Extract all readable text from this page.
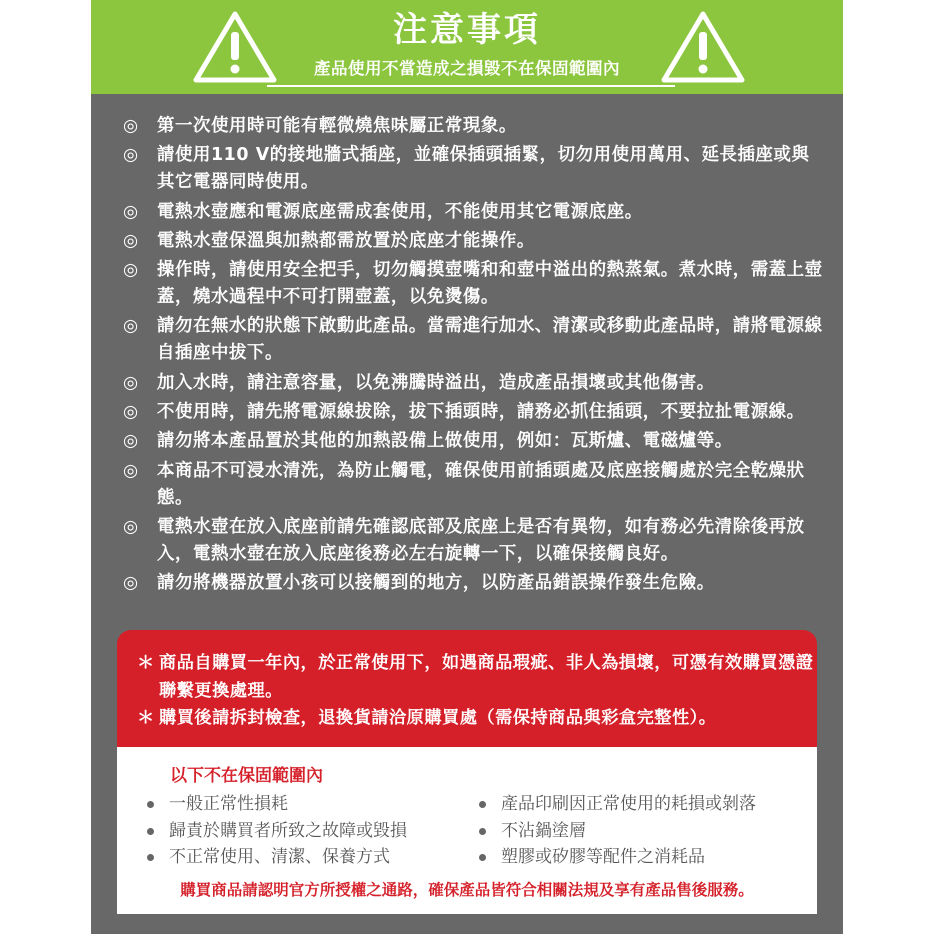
注意事項
產品使用不當造成之損毀不在保固範圍內
◎ 第一次使用時可能有輕微燒焦味屬正常現象。
◎ 請使用110 V的接地牆式插座，並確保插頭插緊，切勿用使用萬用、延長插座或與其它電器同時使用。
◎ 電熱水壺應和電源底座需成套使用，不能使用其它電源底座。
◎ 電熱水壺保溫與加熱都需放置於底座才能操作。
◎ 操作時，請使用安全把手，切勿觸摸壺嘴和和壺中溢出的熱蒸氣。煮水時，需蓋上壺蓋，燒水過程中不可打開壺蓋，以免燙傷。
◎ 請勿在無水的狀態下啟動此產品。當需進行加水、清潔或移動此產品時，請將電源線自插座中拔下。
◎ 加入水時，請注意容量，以免沸騰時溢出，造成產品損壞或其他傷害。
◎ 不使用時，請先將電源線拔除，拔下插頭時，請務必抓住插頭，不要拉扯電源線。
◎ 請勿將本產品置於其他的加熱設備上做使用，例如：瓦斯爐、電磁爐等。
◎ 本商品不可浸水清洗，為防止觸電，確保使用前插頭處及底座接觸處於完全乾燥狀態。
◎ 電熱水壺在放入底座前請先確認底部及底座上是否有異物，如有務必先清除後再放入，電熱水壺在放入底座後務必左右旋轉一下，以確保接觸良好。
◎ 請勿將機器放置小孩可以接觸到的地方，以防產品錯誤操作發生危險。
＊ 商品自購買一年內，於正常使用下，如遇商品瑕疵、非人為損壞，可憑有效購買憑證聯繫更換處理。
＊ 購買後請拆封檢查，退換貨請洽原購買處（需保持商品與彩盒完整性）。
以下不在保固範圍內
一般正常性損耗
歸責於購買者所致之故障或毀損
不正常使用、清潔、保養方式
產品印刷因正常使用的耗損或剝落
不沾鍋塗層
塑膠或矽膠等配件之消耗品
購買商品請認明官方所授權之通路，確保產品皆符合相關法規及享有產品售後服務。
